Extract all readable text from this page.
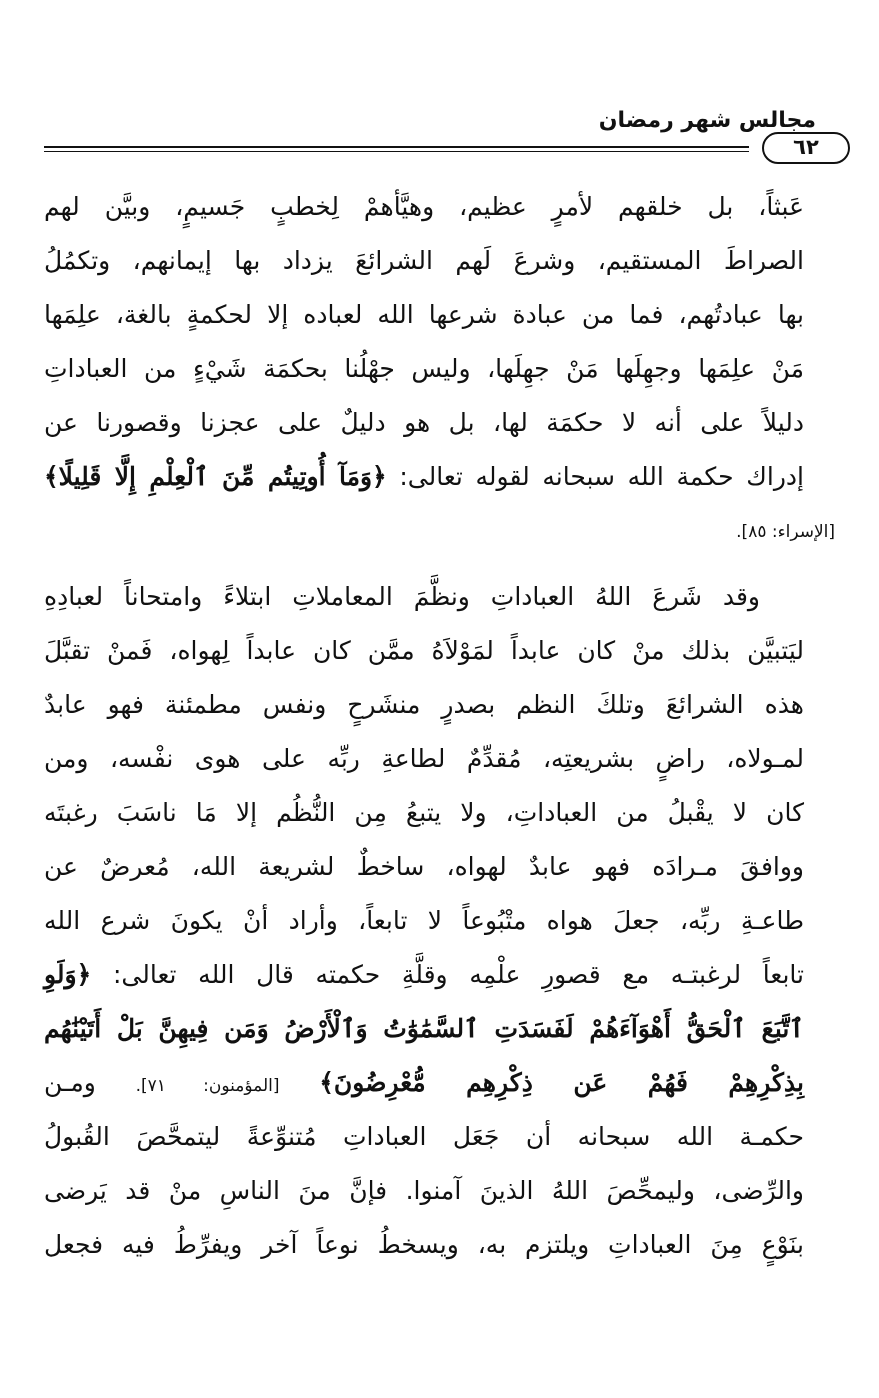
مجالس شهر رمضان
٦٢
عَبثاً، بل خلقهم لأمرٍ عظيم، وهيَّأهمْ لِخطبٍ جَسيمٍ، وبيَّن لهم
الصراطَ المستقيم، وشرعَ لَهم الشرائعَ يزداد بها إيمانهم، وتكمُلُ
بها عبادتُهم، فما من عبادة شرعها الله لعباده إلا لحكمةٍ بالغة، علِمَها
مَنْ علِمَها وجهِلَها مَنْ جهِلَها، وليس جهْلُنا بحكمَة شَيْءٍ من العباداتِ
دليلاً على أنه لا حكمَة لها، بل هو دليلٌ على عجزنا وقصورنا عن
إدراك حكمة الله سبحانه لقوله تعالى: ﴿وَمَآ أُوتِيتُم مِّنَ ٱلْعِلْمِ إِلَّا قَلِيلًا﴾
[الإسراء: ٨٥].
وقد شَرعَ اللهُ العباداتِ ونظَّمَ المعاملاتِ ابتلاءً وامتحاناً لعبادِهِ
ليَتبيَّن بذلك منْ كان عابداً لمَوْلاَهُ ممَّن كان عابداً لِهواه، فَمنْ تقبَّلَ
هذه الشرائعَ وتلكَ النظم بصدرٍ منشَرحٍ ونفس مطمئنة فهو عابدٌ
لمـولاه، راضٍ بشريعتِه، مُقدِّمٌ لطاعةِ ربِّه على هوى نفْسه، ومن
كان لا يقْبلُ من العباداتِ، ولا يتبعُ مِن النُّظُم إلا مَا ناسَبَ رغبتَه
ووافقَ مـرادَه فهو عابدٌ لهواه، ساخطٌ لشريعة الله، مُعرضٌ عن
طاعـةِ ربِّه، جعلَ هواه متْبُوعاً لا تابعاً، وأراد أنْ يكونَ شرع الله
تابعاً لرغبتـه مع قصورِ علْمِه وقلَّةِ حكمته قال الله تعالى: ﴿وَلَوِ
ٱتَّبَعَ ٱلْحَقُّ أَهْوَآءَهُمْ لَفَسَدَتِ ٱلسَّمَٰوَٰتُ وَٱلْأَرْضُ وَمَن فِيهِنَّ بَلْ أَتَيْنَٰهُم
بِذِكْرِهِمْ فَهُمْ عَن ذِكْرِهِم مُّعْرِضُونَ﴾ [المؤمنون: ٧١]. ومـن
حكمـة الله سبحانه أن جَعَل العباداتِ مُتنوِّعةً ليتمحَّصَ القُبولُ
والرِّضى، وليمحِّصَ اللهُ الذينَ آمنوا. فإنَّ منَ الناسِ منْ قد يَرضى
بنَوْعٍ مِنَ العباداتِ ويلتزم به، ويسخطُ نوعاً آخر ويفرِّطُ فيه فجعل
